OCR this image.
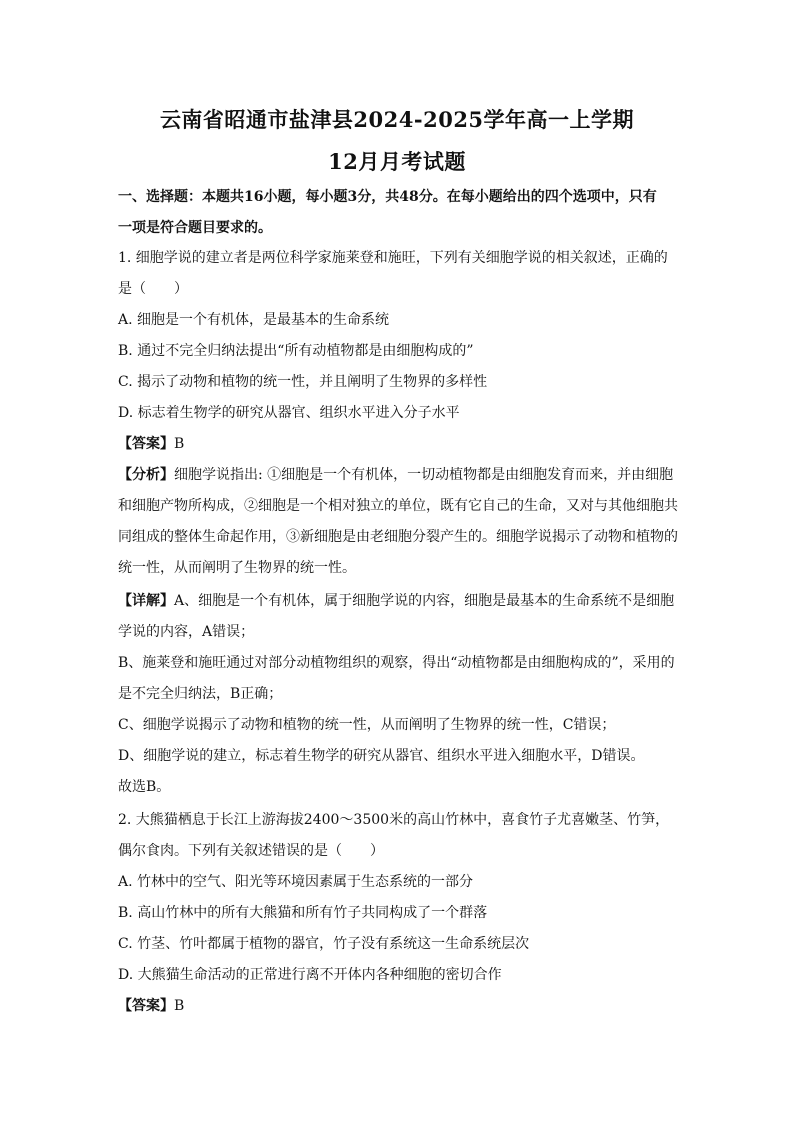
云南省昭通市盐津县2024-2025学年高一上学期
12月月考试题
一、选择题：本题共16小题，每小题3分，共48分。在每小题给出的四个选项中，只有
一项是符合题目要求的。
1. 细胞学说的建立者是两位科学家施莱登和施旺，下列有关细胞学说的相关叙述，正确的
是（　　）
A. 细胞是一个有机体，是最基本的生命系统
B. 通过不完全归纳法提出“所有动植物都是由细胞构成的”
C. 揭示了动物和植物的统一性，并且阐明了生物界的多样性
D. 标志着生物学的研究从器官、组织水平进入分子水平
【答案】B
【分析】细胞学说指出: ①细胞是一个有机体，一切动植物都是由细胞发育而来，并由细胞
和细胞产物所构成，②细胞是一个相对独立的单位，既有它自己的生命，又对与其他细胞共
同组成的整体生命起作用，③新细胞是由老细胞分裂产生的。细胞学说揭示了动物和植物的
统一性，从而阐明了生物界的统一性。
【详解】A、细胞是一个有机体，属于细胞学说的内容，细胞是最基本的生命系统不是细胞
学说的内容，A错误；
B、施莱登和施旺通过对部分动植物组织的观察，得出“动植物都是由细胞构成的”，采用的
是不完全归纳法，B正确；
C、细胞学说揭示了动物和植物的统一性，从而阐明了生物界的统一性，C错误；
D、细胞学说的建立，标志着生物学的研究从器官、组织水平进入细胞水平，D错误。
故选B。
2. 大熊猫栖息于长江上游海拔2400～3500米的高山竹林中，喜食竹子尤喜嫩茎、竹笋，
偶尔食肉。下列有关叙述错误的是（　　）
A. 竹林中的空气、阳光等环境因素属于生态系统的一部分
B. 高山竹林中的所有大熊猫和所有竹子共同构成了一个群落
C. 竹茎、竹叶都属于植物的器官，竹子没有系统这一生命系统层次
D. 大熊猫生命活动的正常进行离不开体内各种细胞的密切合作
【答案】B
